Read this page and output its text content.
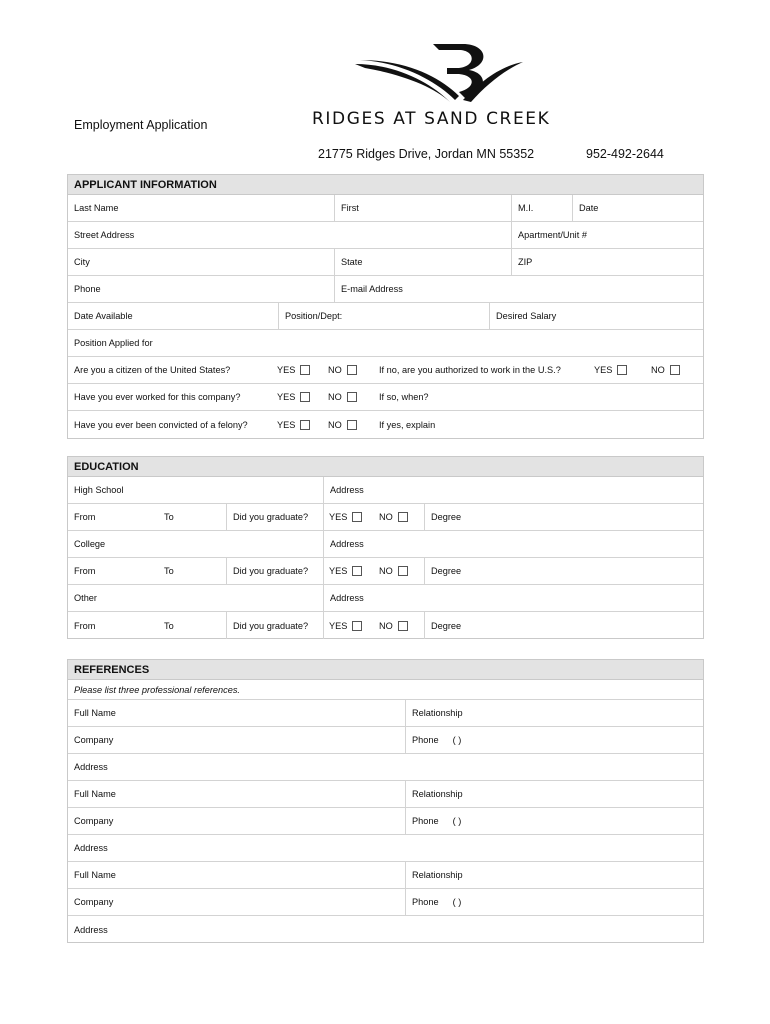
RIDGES AT SAND CREEK
Employment Application
21775 Ridges Drive, Jordan MN 55352	952-492-2644
APPLICANT INFORMATION
Last Name	First	M.I.	Date
Street Address	Apartment/Unit #
City	State	ZIP
Phone	E-mail Address
Date Available	Position/Dept:	Desired Salary
Position Applied for
Are you a citizen of the United States?	YES	NO	If no, are you authorized to work in the U.S.?	YES	NO
Have you ever worked for this company?	YES	NO	If so, when?
Have you ever been convicted of a felony?	YES	NO	If yes, explain
EDUCATION
High School	Address
From	To	Did you graduate? YES	NO	Degree
College	Address
From	To	Did you graduate? YES	NO	Degree
Other	Address
From	To	Did you graduate? YES	NO	Degree
REFERENCES
Please list three professional references.
Full Name	Relationship
Company	Phone ( )
Address
Full Name	Relationship
Company	Phone ( )
Address
Full Name	Relationship
Company	Phone ( )
Address
